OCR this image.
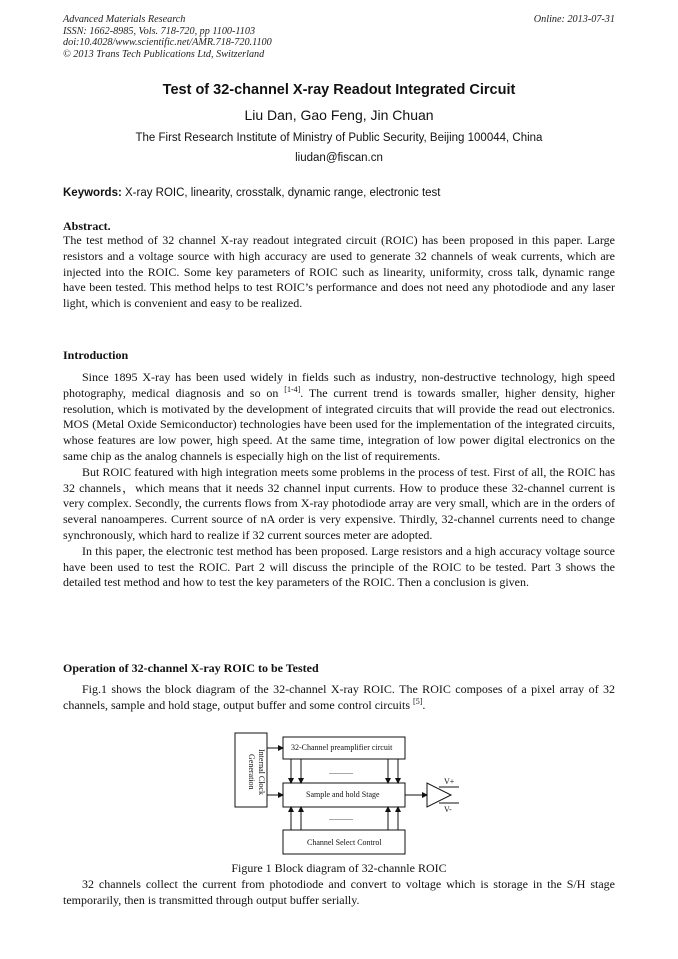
Advanced Materials Research
ISSN: 1662-8985, Vols. 718-720, pp 1100-1103
doi:10.4028/www.scientific.net/AMR.718-720.1100
© 2013 Trans Tech Publications Ltd, Switzerland
Online: 2013-07-31
Test of 32-channel X-ray Readout Integrated Circuit
Liu Dan, Gao Feng, Jin Chuan
The First Research Institute of Ministry of Public Security, Beijing 100044, China
liudan@fiscan.cn
Keywords: X-ray ROIC, linearity, crosstalk, dynamic range, electronic test
Abstract.
The test method of 32 channel X-ray readout integrated circuit (ROIC) has been proposed in this paper. Large resistors and a voltage source with high accuracy are used to generate 32 channels of weak currents, which are injected into the ROIC. Some key parameters of ROIC such as linearity, uniformity, cross talk, dynamic range have been tested. This method helps to test ROIC’s performance and does not need any photodiode and any laser light, which is convenient and easy to be realized.
Introduction

Since 1895 X-ray has been used widely in fields such as industry, non-destructive technology, high speed photography, medical diagnosis and so on [1-4]. The current trend is towards smaller, higher density, higher resolution, which is motivated by the development of integrated circuits that will provide the read out electronics. MOS (Metal Oxide Semiconductor) technologies have been used for the implementation of the integrated circuits, whose features are low power, high speed. At the same time, integration of low power digital electronics on the same chip as the analog channels is especially high on the list of requirements.

But ROIC featured with high integration meets some problems in the process of test. First of all, the ROIC has 32 channels，which means that it needs 32 channel input currents. How to produce these 32-channel current is very complex. Secondly, the currents flows from X-ray photodiode array are very small, which are in the orders of several nanoamperes. Current source of nA order is very expensive. Thirdly, 32-channel currents need to change synchronously, which hard to realize if 32 current sources meter are adopted.

In this paper, the electronic test method has been proposed. Large resistors and a high accuracy voltage source have been used to test the ROIC. Part 2 will discuss the principle of the ROIC to be tested. Part 3 shows the detailed test method and how to test the key parameters of the ROIC. Then a conclusion is given.

Operation of 32-channel X-ray ROIC to be Tested

Fig.1 shows the block diagram of the 32-channel X-ray ROIC. The ROIC composes of a pixel array of 32 channels, sample and hold stage, output buffer and some control circuits [5].

Internal Clock Generation
32-Channel preamplifier circuit
............
Sample and hold Stage
............
Channel Select Control
V+
V-
Figure 1 Block diagram of 32-channle ROIC

32 channels collect the current from photodiode and convert to voltage which is storage in the S/H stage temporarily, then is transmitted through output buffer serially.
